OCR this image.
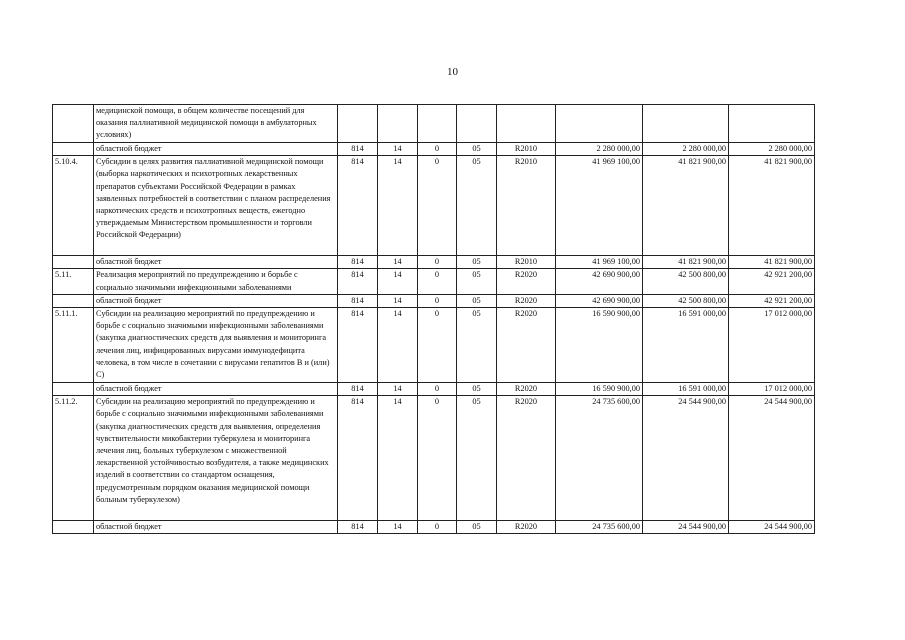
10
	медицинской помощи, в общем количестве посещений для оказания паллиативной медицинской помощи в амбулаторных условиях)								
	областной бюджет	814	14	0	05	R2010	2 280 000,00	2 280 000,00	2 280 000,00
5.10.4.	Субсидии в целях развития паллиативной медицинской помощи (выборка наркотических и психотропных лекарственных препаратов субъектами Российской Федерации в рамках заявленных потребностей в соответствии с планом распределения наркотических средств и психотропных веществ, ежегодно утверждаемым Министерством промышленности и торговли Российской Федерации)	814	14	0	05	R2010	41 969 100,00	41 821 900,00	41 821 900,00
	областной бюджет	814	14	0	05	R2010	41 969 100,00	41 821 900,00	41 821 900,00
5.11.	Реализация мероприятий по предупреждению и борьбе с социально значимыми инфекционными заболеваниями	814	14	0	05	R2020	42 690 900,00	42 500 800,00	42 921 200,00
	областной бюджет	814	14	0	05	R2020	42 690 900,00	42 500 800,00	42 921 200,00
5.11.1.	Субсидии на реализацию мероприятий по предупреждению и борьбе с социально значимыми инфекционными заболеваниями (закупка диагностических средств для выявления и мониторинга лечения лиц, инфицированных вирусами иммунодефицита человека, в том числе в сочетании с вирусами гепатитов B и (или) C)	814	14	0	05	R2020	16 590 900,00	16 591 000,00	17 012 000,00
	областной бюджет	814	14	0	05	R2020	16 590 900,00	16 591 000,00	17 012 000,00
5.11.2.	Субсидии на реализацию мероприятий по предупреждению и борьбе с социально значимыми инфекционными заболеваниями (закупка диагностических средств для выявления, определения чувствительности микобактерии туберкулеза и мониторинга лечения лиц, больных туберкулезом с множественной лекарственной устойчивостью возбудителя, а также медицинских изделий в соответствии со стандартом оснащения, предусмотренным порядком оказания медицинской помощи больным туберкулезом)	814	14	0	05	R2020	24 735 600,00	24 544 900,00	24 544 900,00
	областной бюджет	814	14	0	05	R2020	24 735 600,00	24 544 900,00	24 544 900,00
